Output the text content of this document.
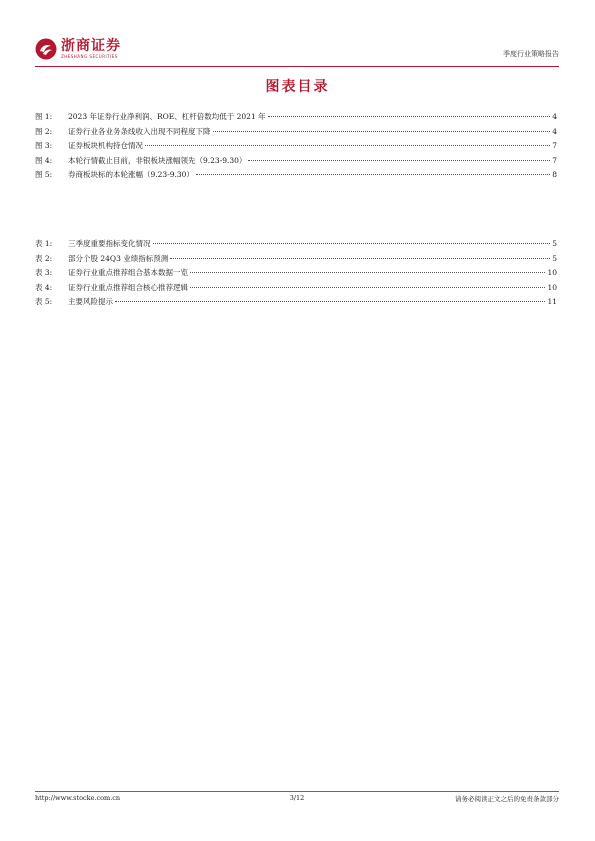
浙商证券
ZHESHANG SECURITIES	季度行业策略报告
图表目录
图 1:	2023 年证券行业净利润、ROE、杠杆倍数均低于 2021 年	4
图 2:	证券行业各业务条线收入出现不同程度下降	4
图 3:	证券板块机构持仓情况	7
图 4:	本轮行情截止目前，非银板块涨幅领先（9.23-9.30）	7
图 5:	券商板块标的本轮涨幅（9.23-9.30）	8
表 1:	三季度重要指标变化情况	5
表 2:	部分个股 24Q3 业绩指标预测	5
表 3:	证券行业重点推荐组合基本数据一览	10
表 4:	证券行业重点推荐组合核心推荐逻辑	10
表 5:	主要风险提示	11
http://www.stocke.com.cn	3/12	请务必阅读正文之后的免责条款部分
